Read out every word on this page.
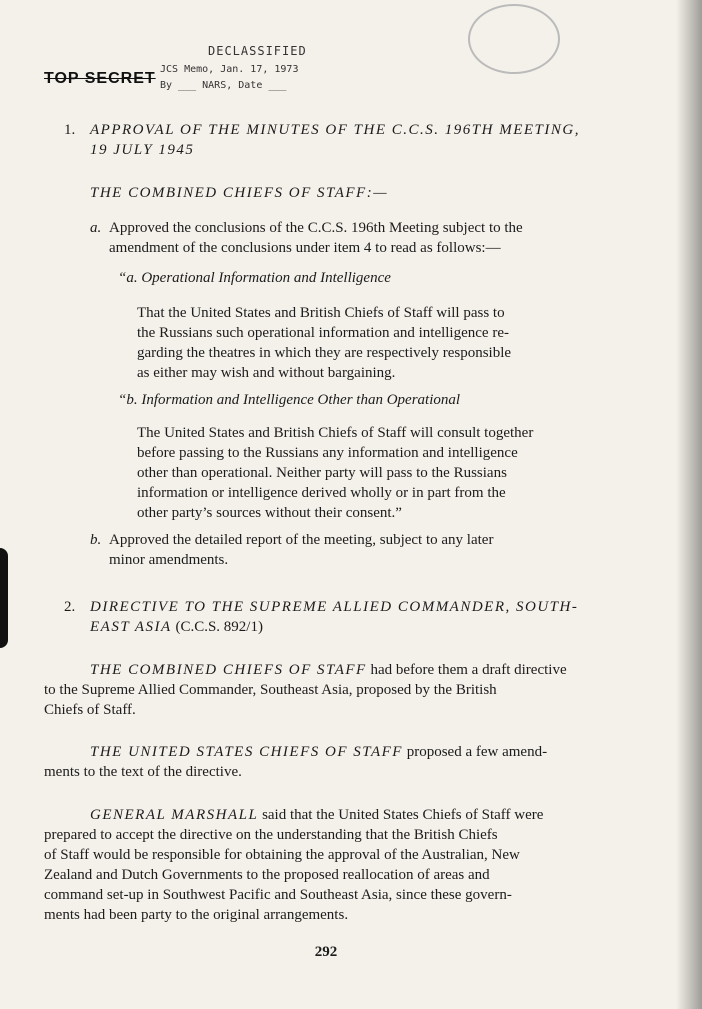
DECLASSIFIED
JCS Memo, Jan. 17, 1973
By ___ NARS, Date ___
TOP SECRET
1. APPROVAL OF THE MINUTES OF THE C.C.S. 196TH MEETING,
19 JULY 1945
THE COMBINED CHIEFS OF STAFF:—
a. Approved the conclusions of the C.C.S. 196th Meeting subject to the
amendment of the conclusions under item 4 to read as follows:—
“a. Operational Information and Intelligence
That the United States and British Chiefs of Staff will pass to
the Russians such operational information and intelligence re-
garding the theatres in which they are respectively responsible
as either may wish and without bargaining.
“b. Information and Intelligence Other than Operational
The United States and British Chiefs of Staff will consult together
before passing to the Russians any information and intelligence
other than operational. Neither party will pass to the Russians
information or intelligence derived wholly or in part from the
other party’s sources without their consent.”
b. Approved the detailed report of the meeting, subject to any later
minor amendments.
2. DIRECTIVE TO THE SUPREME ALLIED COMMANDER, SOUTH-
EAST ASIA (C.C.S. 892/1)
THE COMBINED CHIEFS OF STAFF had before them a draft directive
to the Supreme Allied Commander, Southeast Asia, proposed by the British
Chiefs of Staff.
THE UNITED STATES CHIEFS OF STAFF proposed a few amend-
ments to the text of the directive.
GENERAL MARSHALL said that the United States Chiefs of Staff were
prepared to accept the directive on the understanding that the British Chiefs
of Staff would be responsible for obtaining the approval of the Australian, New
Zealand and Dutch Governments to the proposed reallocation of areas and
command set-up in Southwest Pacific and Southeast Asia, since these govern-
ments had been party to the original arrangements.
292
